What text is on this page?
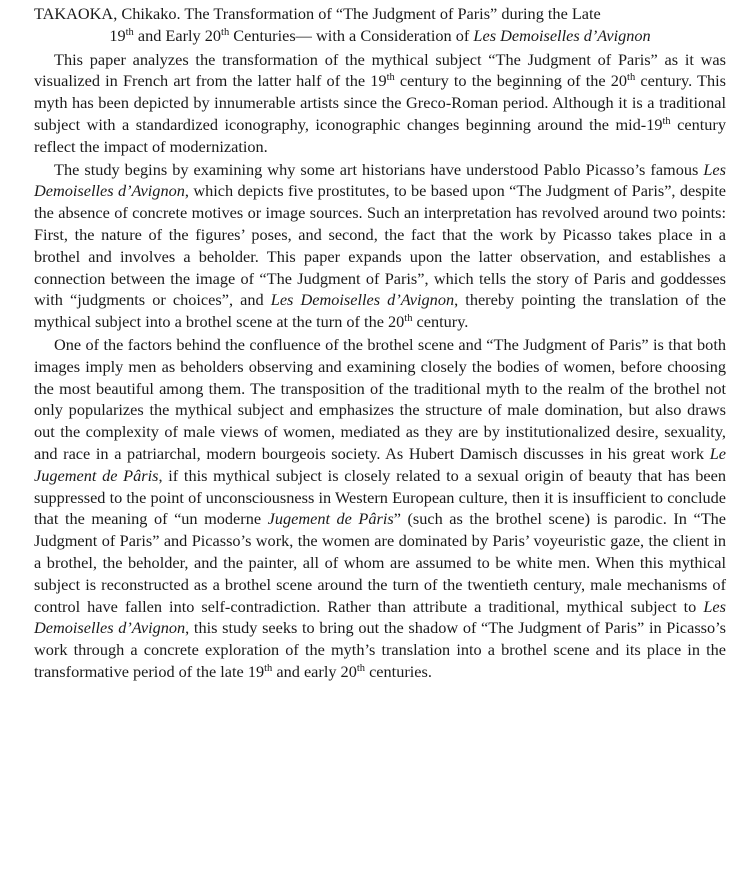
TAKAOKA, Chikako. The Transformation of “The Judgment of Paris” during the Late
19th and Early 20th Centuries— with a Consideration of Les Demoiselles d’Avignon

This paper analyzes the transformation of the mythical subject “The Judgment of Paris” as it was visualized in French art from the latter half of the 19th century to the beginning of the 20th century. This myth has been depicted by innumerable artists since the Greco-Roman period. Although it is a traditional subject with a standardized iconography, iconographic changes beginning around the mid-19th century reflect the impact of modernization.

The study begins by examining why some art historians have understood Pablo Picasso’s famous Les Demoiselles d’Avignon, which depicts five prostitutes, to be based upon “The Judgment of Paris”, despite the absence of concrete motives or image sources. Such an interpretation has revolved around two points: First, the nature of the figures’ poses, and second, the fact that the work by Picasso takes place in a brothel and involves a beholder. This paper expands upon the latter observation, and establishes a connection between the image of “The Judgment of Paris”, which tells the story of Paris and goddesses with “judgments or choices”, and Les Demoiselles d’Avignon, thereby pointing the translation of the mythical subject into a brothel scene at the turn of the 20th century.

One of the factors behind the confluence of the brothel scene and “The Judgment of Paris” is that both images imply men as beholders observing and examining closely the bodies of women, before choosing the most beautiful among them. The transposition of the traditional myth to the realm of the brothel not only popularizes the mythical subject and emphasizes the structure of male domination, but also draws out the complexity of male views of women, mediated as they are by institutionalized desire, sexuality, and race in a patriarchal, modern bourgeois society. As Hubert Damisch discusses in his great work Le Jugement de Pâris, if this mythical subject is closely related to a sexual origin of beauty that has been suppressed to the point of unconsciousness in Western European culture, then it is insufficient to conclude that the meaning of “un moderne Jugement de Pâris” (such as the brothel scene) is parodic. In “The Judgment of Paris” and Picasso’s work, the women are dominated by Paris’ voyeuristic gaze, the client in a brothel, the beholder, and the painter, all of whom are assumed to be white men. When this mythical subject is reconstructed as a brothel scene around the turn of the twentieth century, male mechanisms of control have fallen into self-contradiction. Rather than attribute a traditional, mythical subject to Les Demoiselles d’Avignon, this study seeks to bring out the shadow of “The Judgment of Paris” in Picasso’s work through a concrete exploration of the myth’s translation into a brothel scene and its place in the transformative period of the late 19th and early 20th centuries.
